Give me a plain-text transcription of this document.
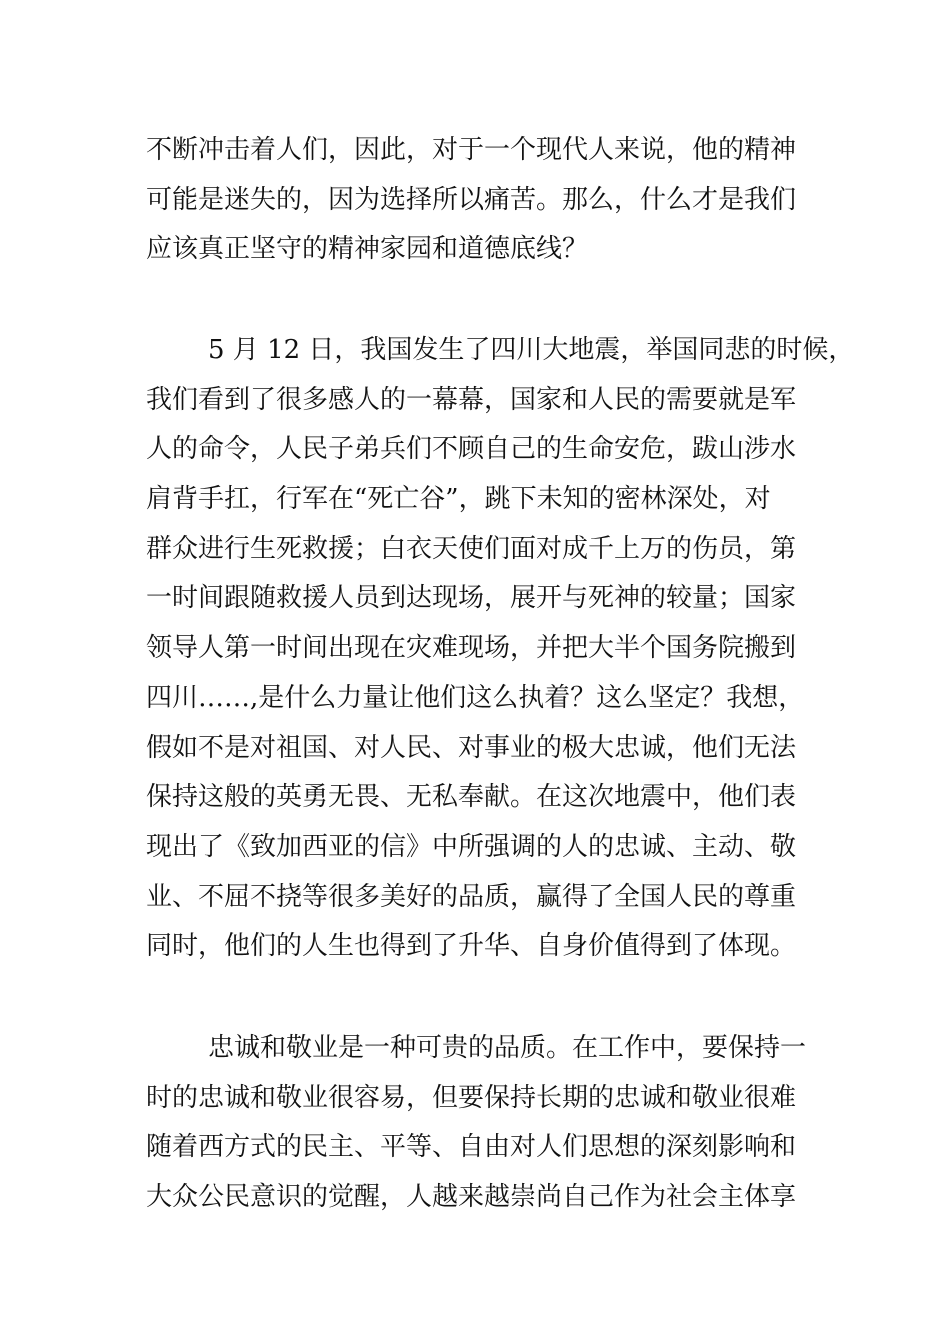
不断冲击着人们，因此，对于一个现代人来说，他的精神
可能是迷失的，因为选择所以痛苦。那么，什么才是我们
应该真正坚守的精神家园和道德底线？
5 月 12 日，我国发生了四川大地震，举国同悲的时候，
我们看到了很多感人的一幕幕，国家和人民的需要就是军
人的命令，人民子弟兵们不顾自己的生命安危，跋山涉水
肩背手扛，行军在“死亡谷”，跳下未知的密林深处，对
群众进行生死救援；白衣天使们面对成千上万的伤员，第
一时间跟随救援人员到达现场，展开与死神的较量；国家
领导人第一时间出现在灾难现场，并把大半个国务院搬到
四川……,是什么力量让他们这么执着？这么坚定？我想，
假如不是对祖国、对人民、对事业的极大忠诚，他们无法
保持这般的英勇无畏、无私奉献。在这次地震中，他们表
现出了《致加西亚的信》中所强调的人的忠诚、主动、敬
业、不屈不挠等很多美好的品质，赢得了全国人民的尊重
同时，他们的人生也得到了升华、自身价值得到了体现。
忠诚和敬业是一种可贵的品质。在工作中，要保持一
时的忠诚和敬业很容易，但要保持长期的忠诚和敬业很难
随着西方式的民主、平等、自由对人们思想的深刻影响和
大众公民意识的觉醒，人越来越崇尚自己作为社会主体享
